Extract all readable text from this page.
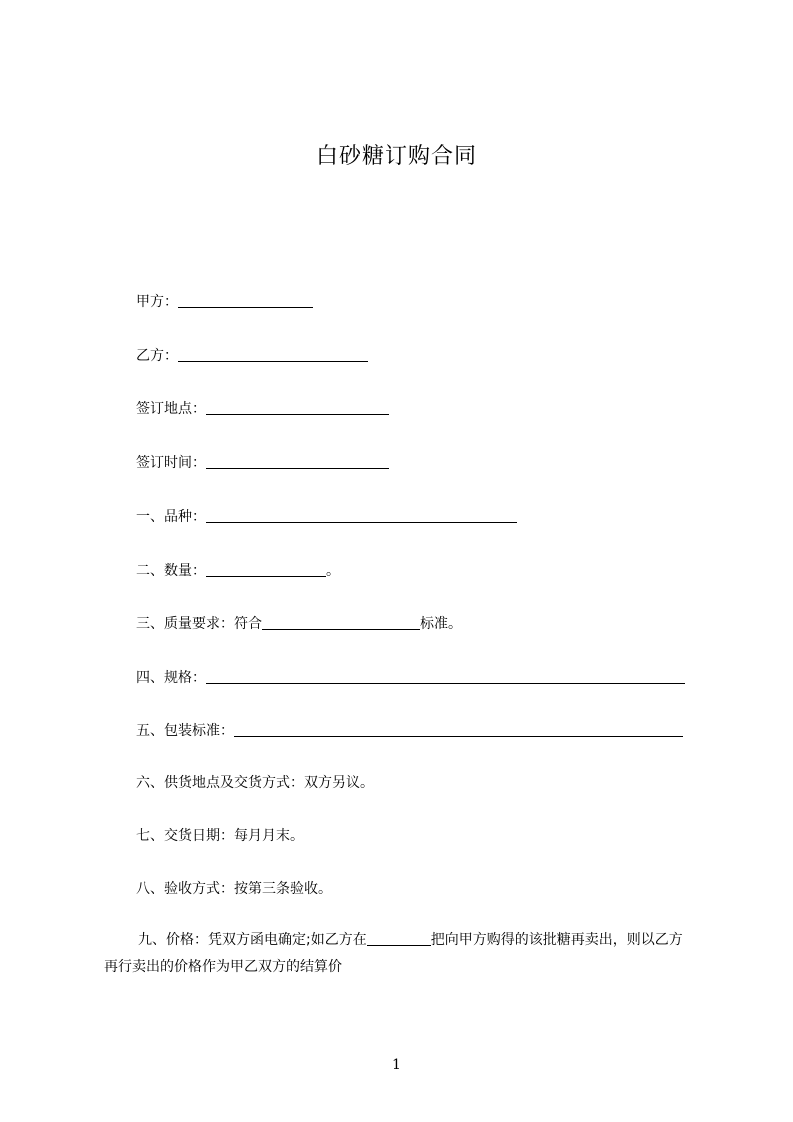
白砂糖订购合同
甲方：
乙方：
签订地点：
签订时间：
一、品种：
二、数量：	。
三、质量要求：符合	标准。
四、规格：
五、包装标准：
六、供货地点及交货方式：双方另议。
七、交货日期：每月月末。
八、验收方式：按第三条验收。
九、价格：凭双方函电确定;如乙方在	把向甲方购得的该批糖再卖出，则以乙方再行卖出的价格作为甲乙双方的结算价
1
